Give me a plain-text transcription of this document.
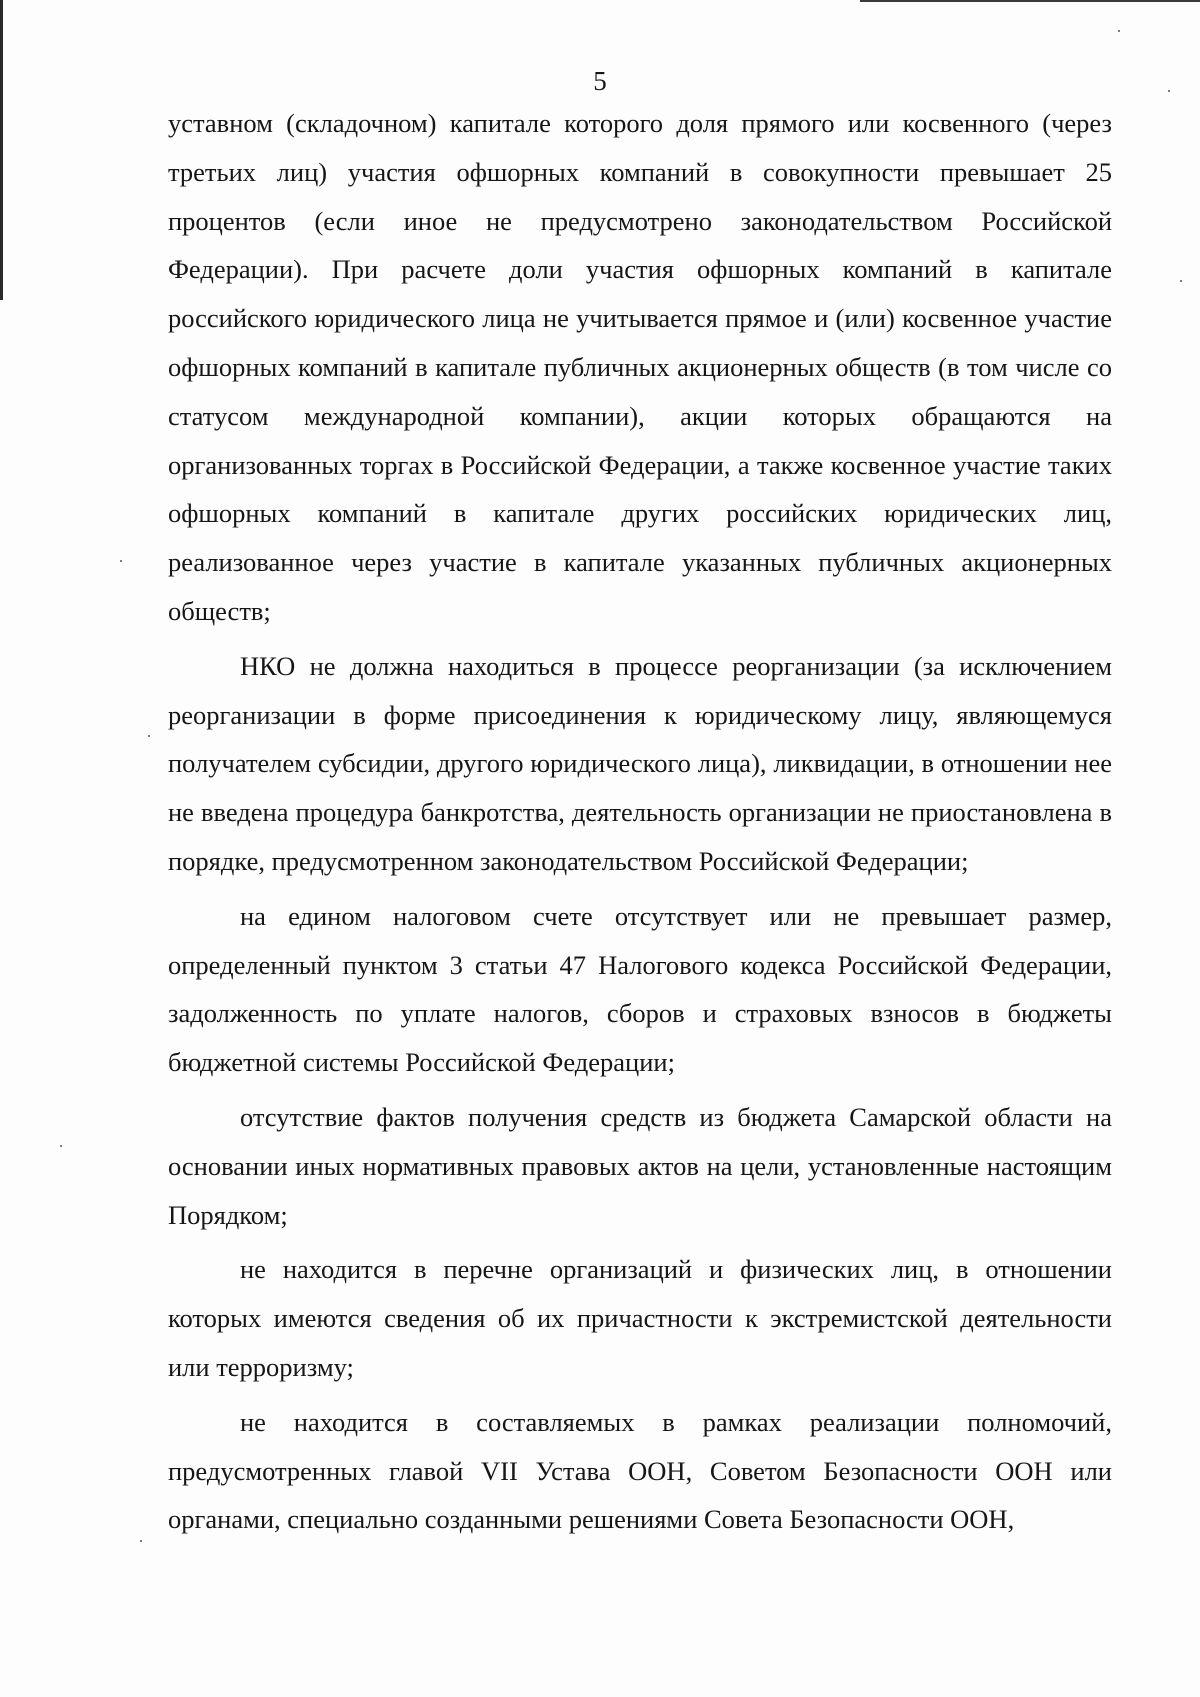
5

уставном (складочном) капитале которого доля прямого или косвенного (через третьих лиц) участия офшорных компаний в совокупности превышает 25 процентов (если иное не предусмотрено законодательством Российской Федерации). При расчете доли участия офшорных компаний в капитале российского юридического лица не учитывается прямое и (или) косвенное участие офшорных компаний в капитале публичных акционерных обществ (в том числе со статусом международной компании), акции которых обращаются на организованных торгах в Российской Федерации, а также косвенное участие таких офшорных компаний в капитале других российских юридических лиц, реализованное через участие в капитале указанных публичных акционерных обществ;

НКО не должна находиться в процессе реорганизации (за исключением реорганизации в форме присоединения к юридическому лицу, являющемуся получателем субсидии, другого юридического лица), ликвидации, в отношении нее не введена процедура банкротства, деятельность организации не приостановлена в порядке, предусмотренном законодательством Российской Федерации;

на едином налоговом счете отсутствует или не превышает размер, определенный пунктом 3 статьи 47 Налогового кодекса Российской Федерации, задолженность по уплате налогов, сборов и страховых взносов в бюджеты бюджетной системы Российской Федерации;

отсутствие фактов получения средств из бюджета Самарской области на основании иных нормативных правовых актов на цели, установленные настоящим Порядком;

не находится в перечне организаций и физических лиц, в отношении которых имеются сведения об их причастности к экстремистской деятельности или терроризму;

не находится в составляемых в рамках реализации полномочий, предусмотренных главой VII Устава ООН, Советом Безопасности ООН или органами, специально созданными решениями Совета Безопасности ООН,
